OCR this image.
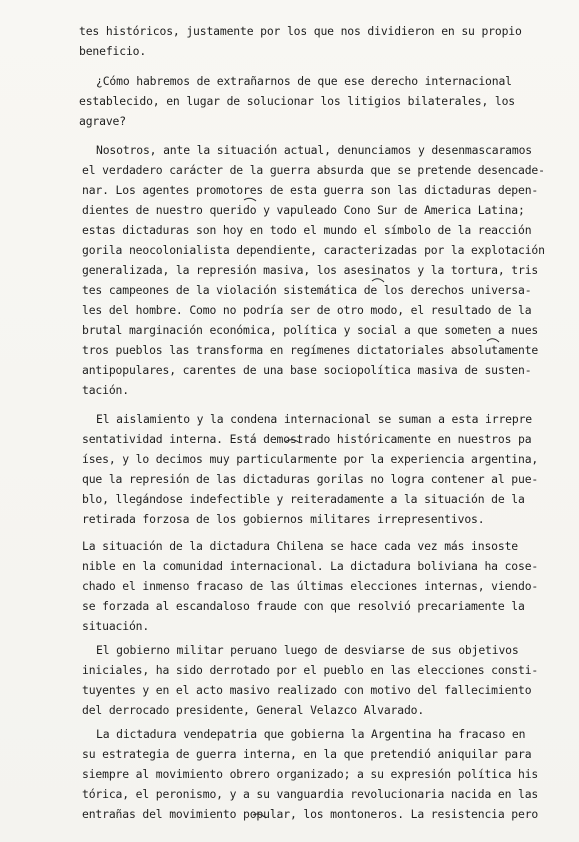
tes históricos, justamente por los que nos dividieron en su propio
beneficio.
¿Cómo habremos de extrañarnos de que ese derecho internacional
establecido, en lugar de solucionar los litigios bilaterales, los
agrave?
Nosotros, ante la situación actual, denunciamos y desenmascaramos
el verdadero carácter de la guerra absurda que se pretende desencade-
nar. Los agentes promotores de esta guerra son las dictaduras depen-
dientes de nuestro querido y vapuleado Cono Sur de America Latina;
estas dictaduras son hoy en todo el mundo el símbolo de la reacción
gorila neocolonialista dependiente, caracterizadas por la explotación
generalizada, la represión masiva, los asesinatos y la tortura, tris
tes campeones de la violación sistemática de los derechos universa-
les del hombre. Como no podría ser de otro modo, el resultado de la
brutal marginación económica, política y social a que someten a nues
tros pueblos las transforma en regímenes dictatoriales absolutamente
antipopulares, carentes de una base sociopolítica masiva de susten-
tación.
El aislamiento y la condena internacional se suman a esta irrepre
sentatividad interna. Está demostrado históricamente en nuestros pa
íses, y lo decimos muy particularmente por la experiencia argentina,
que la represión de las dictaduras gorilas no logra contener al pue-
blo, llegándose indefectible y reiteradamente a la situación de la
retirada forzosa de los gobiernos militares irrepresentivos.
La situación de la dictadura Chilena se hace cada vez más insoste
nible en la comunidad internacional. La dictadura boliviana ha cose-
chado el inmenso fracaso de las últimas elecciones internas, viendo-
se forzada al escandaloso fraude con que resolvió precariamente la
situación.
El gobierno militar peruano luego de desviarse de sus objetivos
iniciales, ha sido derrotado por el pueblo en las elecciones consti-
tuyentes y en el acto masivo realizado con motivo del fallecimiento
del derrocado presidente, General Velazco Alvarado.
La dictadura vendepatria que gobierna la Argentina ha fracaso en
su estrategia de guerra interna, en la que pretendió aniquilar para
siempre al movimiento obrero organizado; a su expresión política his
tórica, el peronismo, y a su vanguardia revolucionaria nacida en las
entrañas del movimiento popular, los montoneros. La resistencia pero
